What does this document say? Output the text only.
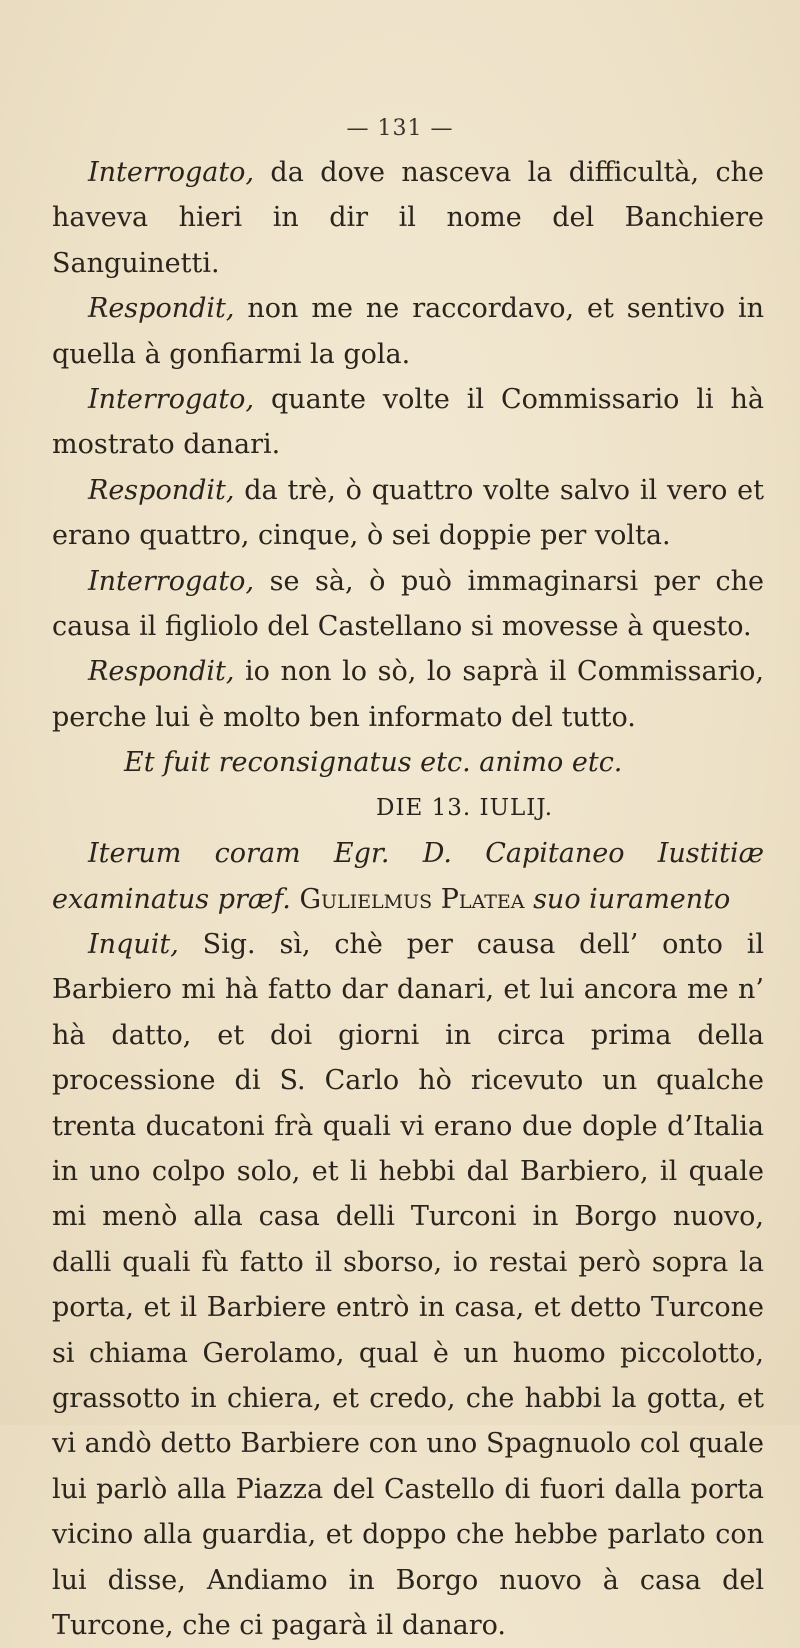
— 131 —

Interrogato, da dove nasceva la difficultà, che haveva hieri in dir il nome del Banchiere Sanguinetti.

Respondit, non me ne raccordavo, et sentivo in quella à gonfiarmi la gola.

Interrogato, quante volte il Commissario li hà mostrato danari.

Respondit, da trè, ò quattro volte salvo il vero et erano quattro, cinque, ò sei doppie per volta.

Interrogato, se sà, ò può immaginarsi per che causa il figliolo del Castellano si movesse à questo.

Respondit, io non lo sò, lo saprà il Commissario, perche lui è molto ben informato del tutto.

Et fuit reconsignatus etc. animo etc.

DIE 13. IULIJ.

Iterum coram Egr. D. Capitaneo Iustitiæ examinatus præf. Gulielmus Platea suo iuramento

Inquit, Sig. sì, chè per causa dell’ onto il Barbiero mi hà fatto dar danari, et lui ancora me n’ hà datto, et doi giorni in circa prima della processione di S. Carlo hò ricevuto un qualche trenta ducatoni frà quali vi erano due dople d’Italia in uno colpo solo, et li hebbi dal Barbiero, il quale mi menò alla casa delli Turconi in Borgo nuovo, dalli quali fù fatto il sborso, io restai però sopra la porta, et il Barbiere entrò in casa, et detto Turcone si chiama Gerolamo, qual è un huomo piccolotto, grassotto in chiera, et credo, che habbi la gotta, et vi andò detto Barbiere con uno Spagnuolo col quale lui parlò alla Piazza del Castello di fuori dalla porta vicino alla guardia, et doppo che hebbe parlato con lui disse, Andiamo in Borgo nuovo à casa del Turcone, che ci pagarà il danaro.
